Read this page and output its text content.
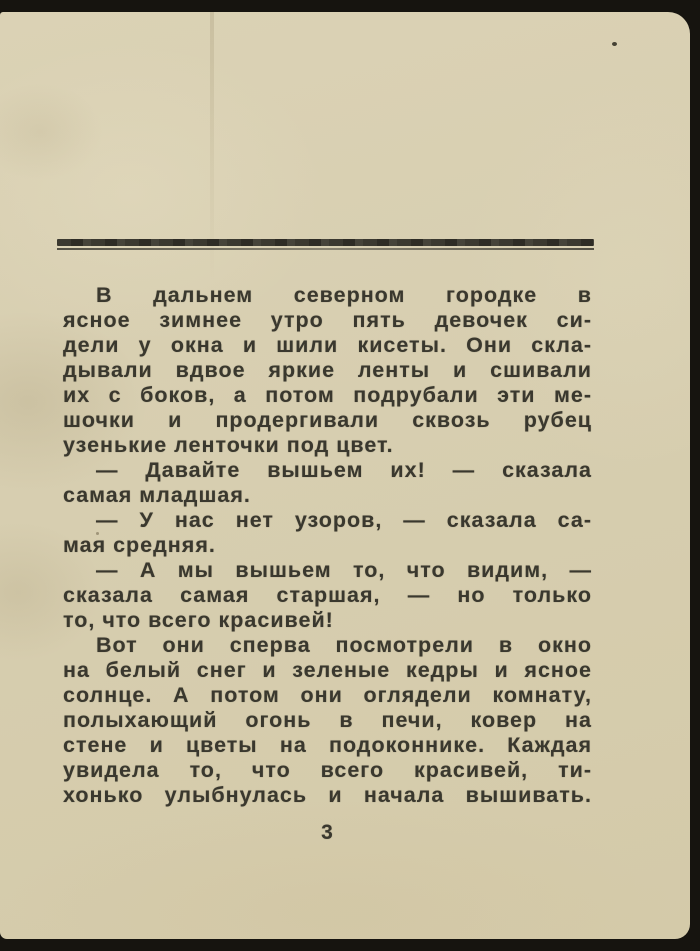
В дальнем северном городке в
ясное зимнее утро пять девочек си-
дели у окна и шили кисеты. Они скла-
дывали вдвое яркие ленты и сшивали
их с боков, а потом подрубали эти ме-
шочки и продергивали сквозь рубец
узенькие ленточки под цвет.
— Давайте вышьем их! — сказала
самая младшая.
— У нас нет узоров, — сказала са-
мая средняя.
— А мы вышьем то, что видим, —
сказала самая старшая, — но только
то, что всего красивей!
Вот они сперва посмотрели в окно
на белый снег и зеленые кедры и ясное
солнце. А потом они оглядели комнату,
полыхающий огонь в печи, ковер на
стене и цветы на подоконнике. Каждая
увидела то, что всего красивей, ти-
хонько улыбнулась и начала вышивать.
3
